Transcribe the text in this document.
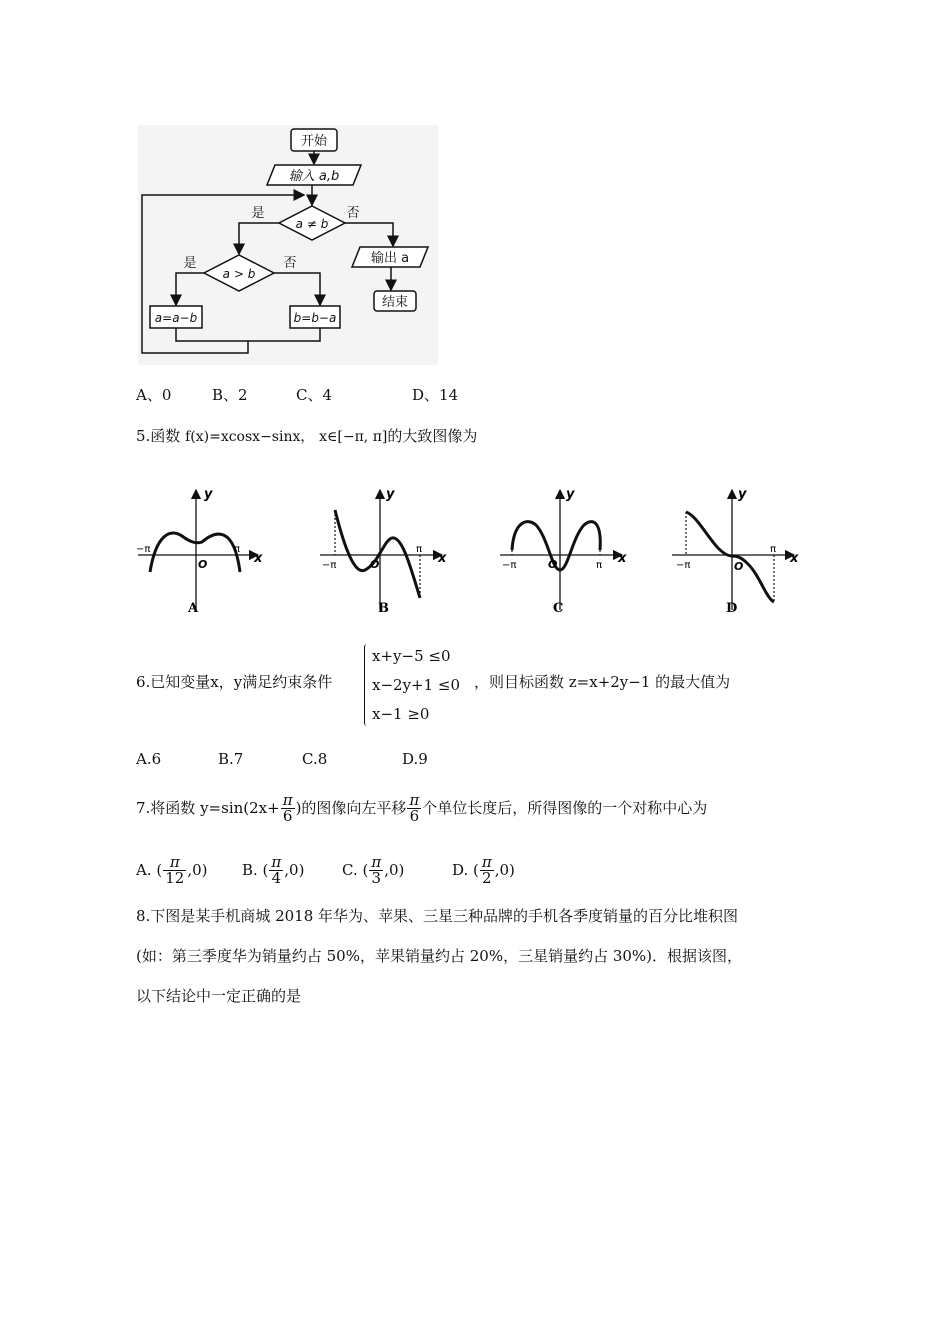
开始
输入 a,b
a ≠ b
a > b
a=a−b	b=b−a
输出 a
结束
是	否
是	否
A、0	B、2	C、4	D、14
5.函数 f(x)=xcosx−sinx， x∈[−π, π]的大致图像为
y
x
−π	π
O
A
y
x
−π
π
O
B
y
x
−π	π
O
C
y
x
−π
π
O
D
6.已知变量x，y满足约束条件
x+y−5 ≤0
x−2y+1 ≤0
x−1 ≥0
，则目标函数 z=x+2y−1 的最大值为
A.6	B.7	C.8	D.9
7.将函数 $y=\sin(2x+ \frac{\pi}{6}$ )的图像向左平移 $\frac{\pi}{6}$ 个单位长度后，所得图像的一个对称中心为
A. ( $\frac{\pi}{12} ,0$) B. ( $\frac{\pi}{4} ,0$)	C. ( $\frac{\pi}{3} ,0$)	D. ( $\frac{\pi}{2} ,0$)
8.下图是某手机商城 2018 年华为、苹果、三星三种品牌的手机各季度销量的百分比堆积图
(如：第三季度华为销量约占 50%，苹果销量约占 20%，三星销量约占 30%)．根据该图，
以下结论中一定正确的是
